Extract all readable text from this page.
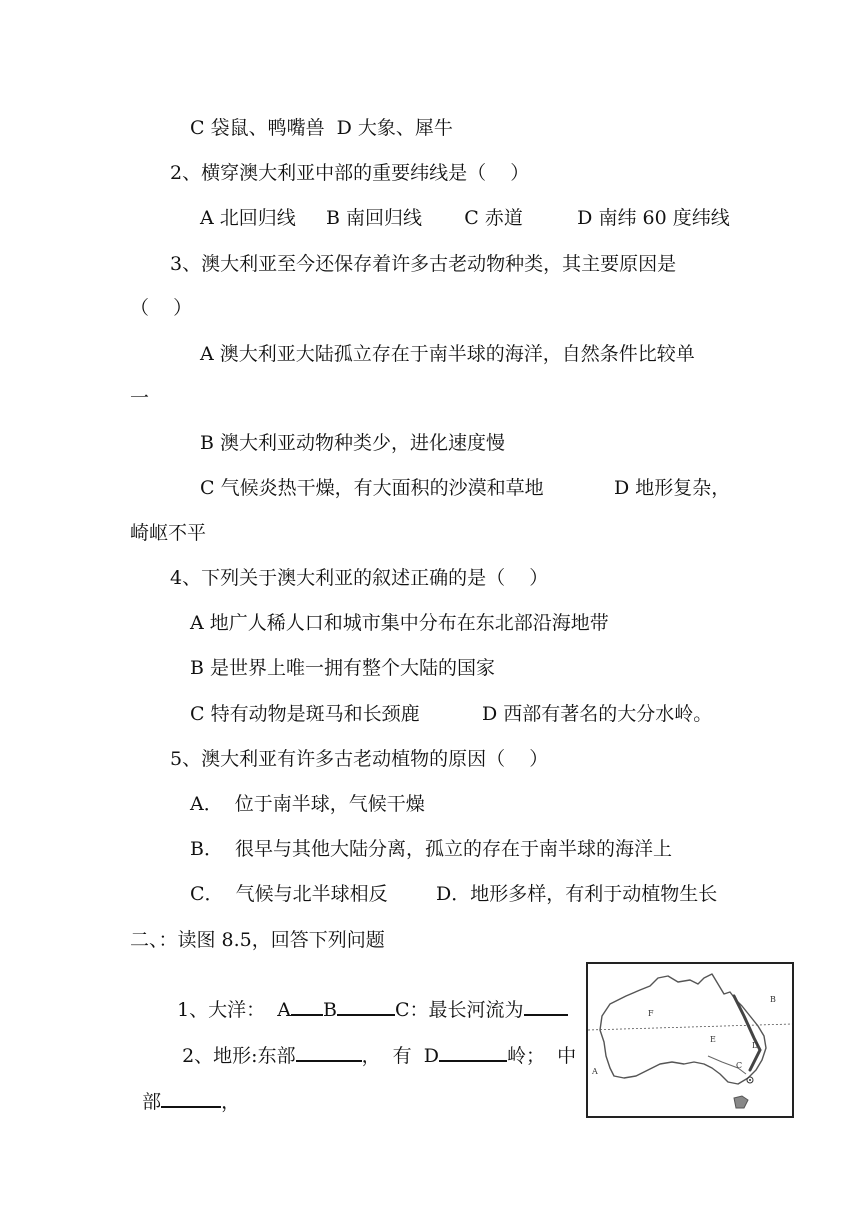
C 袋鼠、鸭嘴兽  D 大象、犀牛
2、横穿澳大利亚中部的重要纬线是（    ）
A 北回归线     B 南回归线       C 赤道         D 南纬 60 度纬线
3、澳大利亚至今还保存着许多古老动物种类，其主要原因是
（    ）
A 澳大利亚大陆孤立存在于南半球的海洋，自然条件比较单
一
B 澳大利亚动物种类少，进化速度慢
C 气候炎热干燥，有大面积的沙漠和草地	D 地形复杂，
崎岖不平
4、下列关于澳大利亚的叙述正确的是（    ）
A 地广人稀人口和城市集中分布在东北部沿海地带
B 是世界上唯一拥有整个大陆的国家
C 特有动物是斑马和长颈鹿	D 西部有著名的大分水岭。
5、澳大利亚有许多古老动植物的原因（    ）
A．  位于南半球，气候干燥
B．  很早与其他大陆分离，孤立的存在于南半球的海洋上
C．  气候与北半球相反	D．地形多样，有利于动植物生长
二、：读图 8.5，回答下列问题

1、大洋：  A B	C：最长河流为

2、地形:东部	，  有  D	岭；  中

部	，

A
B
C
D
E
F
